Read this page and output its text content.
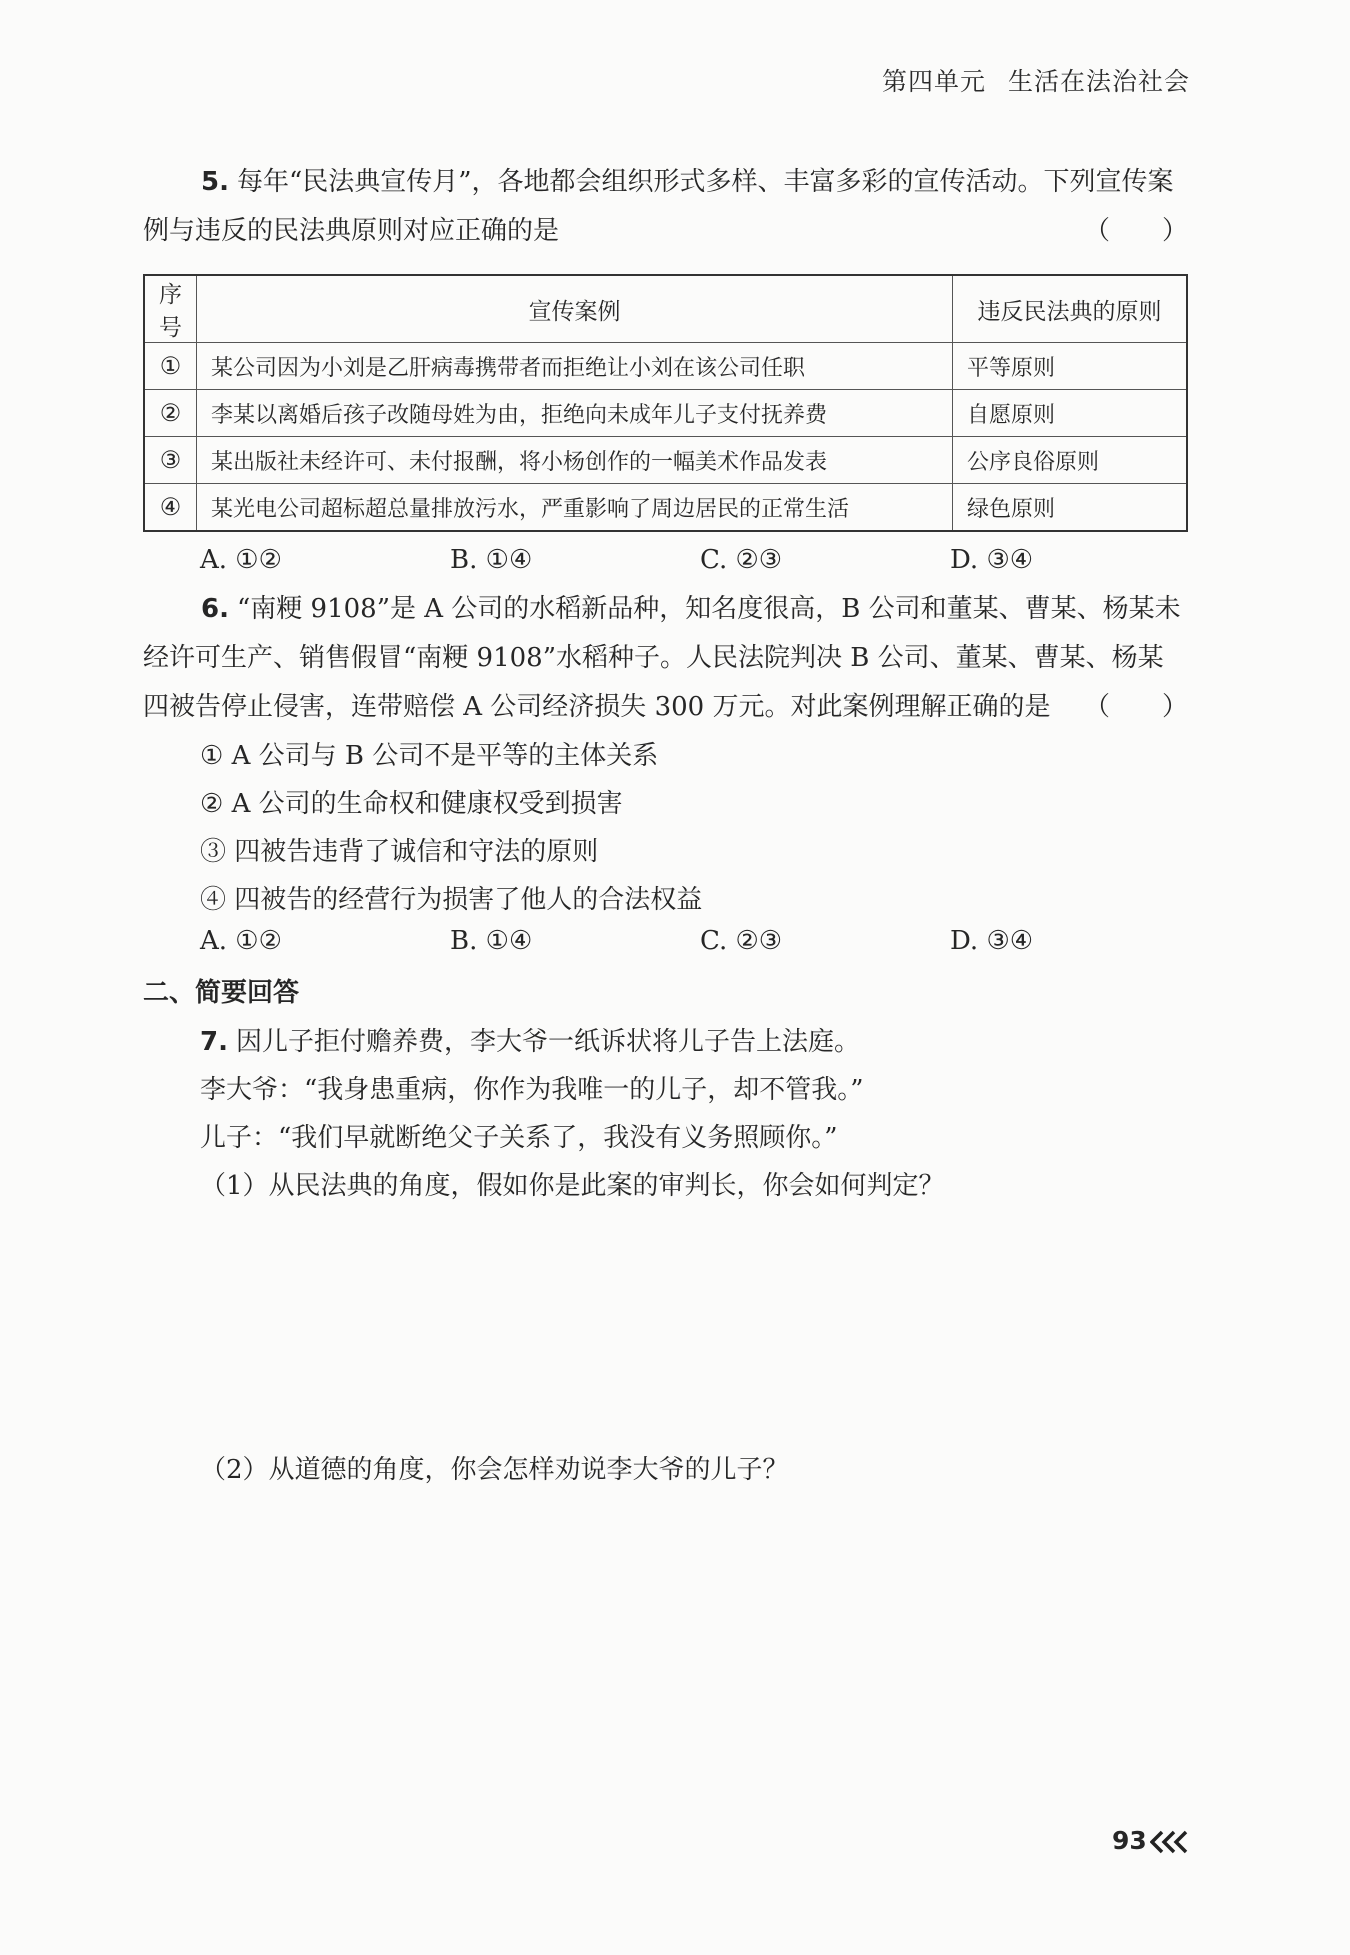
第四单元 生活在法治社会
5. 每年“民法典宣传月”，各地都会组织形式多样、丰富多彩的宣传活动。下列宣传案例与违反的民法典原则对应正确的是	（　　）
序号	宣传案例	违反民法典的原则
①	某公司因为小刘是乙肝病毒携带者而拒绝让小刘在该公司任职	平等原则
②	李某以离婚后孩子改随母姓为由，拒绝向未成年儿子支付抚养费	自愿原则
③	某出版社未经许可、未付报酬，将小杨创作的一幅美术作品发表	公序良俗原则
④	某光电公司超标超总量排放污水，严重影响了周边居民的正常生活	绿色原则
A. ①②	B. ①④	C. ②③	D. ③④
6. “南粳 9108”是 A 公司的水稻新品种，知名度很高，B 公司和董某、曹某、杨某未经许可生产、销售假冒“南粳 9108”水稻种子。人民法院判决 B 公司、董某、曹某、杨某四被告停止侵害，连带赔偿 A 公司经济损失 300 万元。对此案例理解正确的是	（　　）
① A 公司与 B 公司不是平等的主体关系
② A 公司的生命权和健康权受到损害
③ 四被告违背了诚信和守法的原则
④ 四被告的经营行为损害了他人的合法权益
A. ①②	B. ①④	C. ②③	D. ③④
二、简要回答
7. 因儿子拒付赡养费，李大爷一纸诉状将儿子告上法庭。
李大爷：“我身患重病，你作为我唯一的儿子，却不管我。”
儿子：“我们早就断绝父子关系了，我没有义务照顾你。”
（1）从民法典的角度，假如你是此案的审判长，你会如何判定？
（2）从道德的角度，你会怎样劝说李大爷的儿子？
93
